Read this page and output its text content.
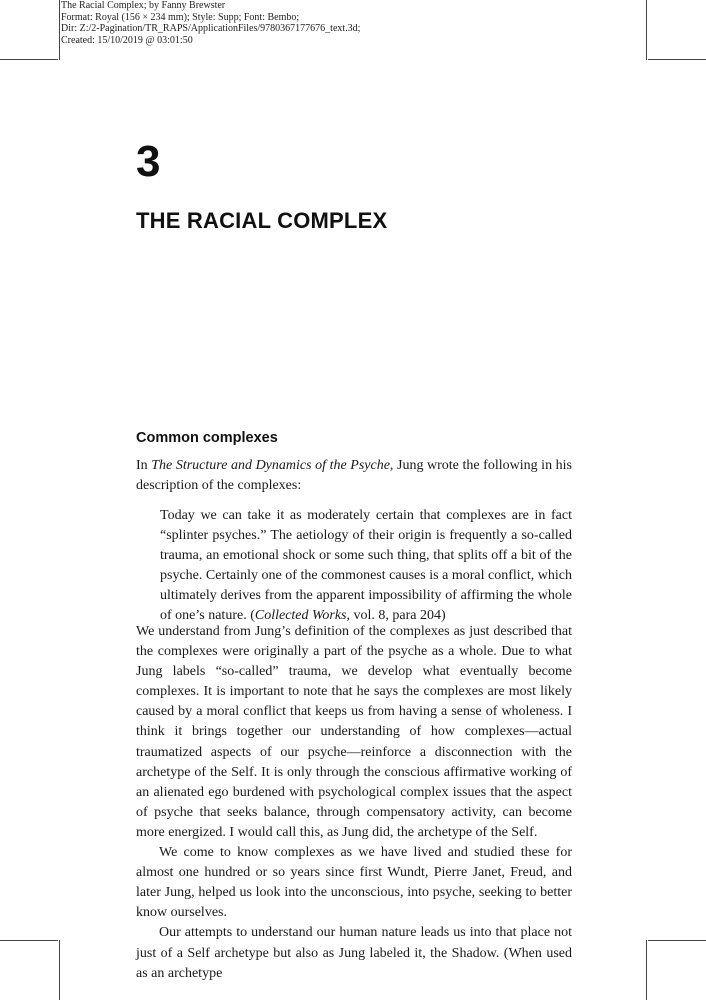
The Racial Complex; by Fanny Brewster
Format: Royal (156 × 234 mm); Style: Supp; Font: Bembo;
Dir: Z:/2-Pagination/TR_RAPS/ApplicationFiles/9780367177676_text.3d;
Created: 15/10/2019 @ 03:01:50
3
THE RACIAL COMPLEX
Common complexes

In The Structure and Dynamics of the Psyche, Jung wrote the following in his description of the complexes:

Today we can take it as moderately certain that complexes are in fact “splinter psyches.” The aetiology of their origin is frequently a so-called trauma, an emotional shock or some such thing, that splits off a bit of the psyche. Certainly one of the commonest causes is a moral conflict, which ultimately derives from the apparent impossibility of affirming the whole of one’s nature. (Collected Works, vol. 8, para 204)

We understand from Jung’s definition of the complexes as just described that the complexes were originally a part of the psyche as a whole. Due to what Jung labels “so-called” trauma, we develop what eventually become complexes. It is important to note that he says the complexes are most likely caused by a moral conflict that keeps us from having a sense of wholeness. I think it brings together our understanding of how complexes—actual traumatized aspects of our psyche—reinforce a disconnection with the archetype of the Self. It is only through the conscious affirmative working of an alienated ego burdened with psychological complex issues that the aspect of psyche that seeks balance, through compensatory activity, can become more energized. I would call this, as Jung did, the archetype of the Self.

We come to know complexes as we have lived and studied these for almost one hundred or so years since first Wundt, Pierre Janet, Freud, and later Jung, helped us look into the unconscious, into psyche, seeking to better know ourselves.

Our attempts to understand our human nature leads us into that place not just of a Self archetype but also as Jung labeled it, the Shadow. (When used as an archetype
